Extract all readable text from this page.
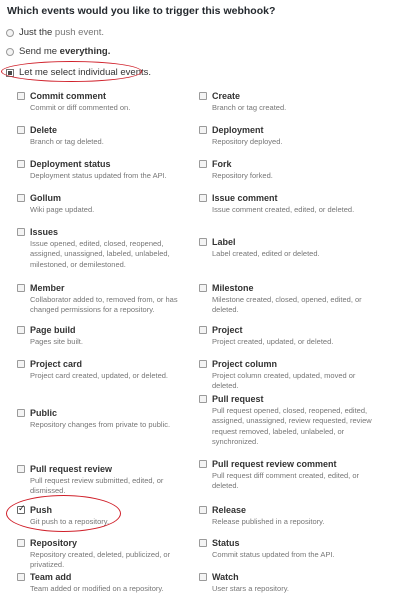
Which events would you like to trigger this webhook?
Just the push event.
Send me everything.
Let me select individual events.
Commit comment
Commit or diff commented on.
Delete
Branch or tag deleted.
Deployment status
Deployment status updated from the API.
Gollum
Wiki page updated.
Issues
Issue opened, edited, closed, reopened, assigned, unassigned, labeled, unlabeled, milestoned, or demilestoned.
Member
Collaborator added to, removed from, or has changed permissions for a repository.
Page build
Pages site built.
Project card
Project card created, updated, or deleted.
Public
Repository changes from private to public.
Pull request review
Pull request review submitted, edited, or dismissed.
✓
Push
Git push to a repository.
Repository
Repository created, deleted, publicized, or privatized.
Team add
Team added or modified on a repository.
Create
Branch or tag created.
Deployment
Repository deployed.
Fork
Repository forked.
Issue comment
Issue comment created, edited, or deleted.
Label
Label created, edited or deleted.
Milestone
Milestone created, closed, opened, edited, or deleted.
Project
Project created, updated, or deleted.
Project column
Project column created, updated, moved or deleted.
Pull request
Pull request opened, closed, reopened, edited, assigned, unassigned, review requested, review request removed, labeled, unlabeled, or synchronized.
Pull request review comment
Pull request diff comment created, edited, or deleted.
Release
Release published in a repository.
Status
Commit status updated from the API.
Watch
User stars a repository.
